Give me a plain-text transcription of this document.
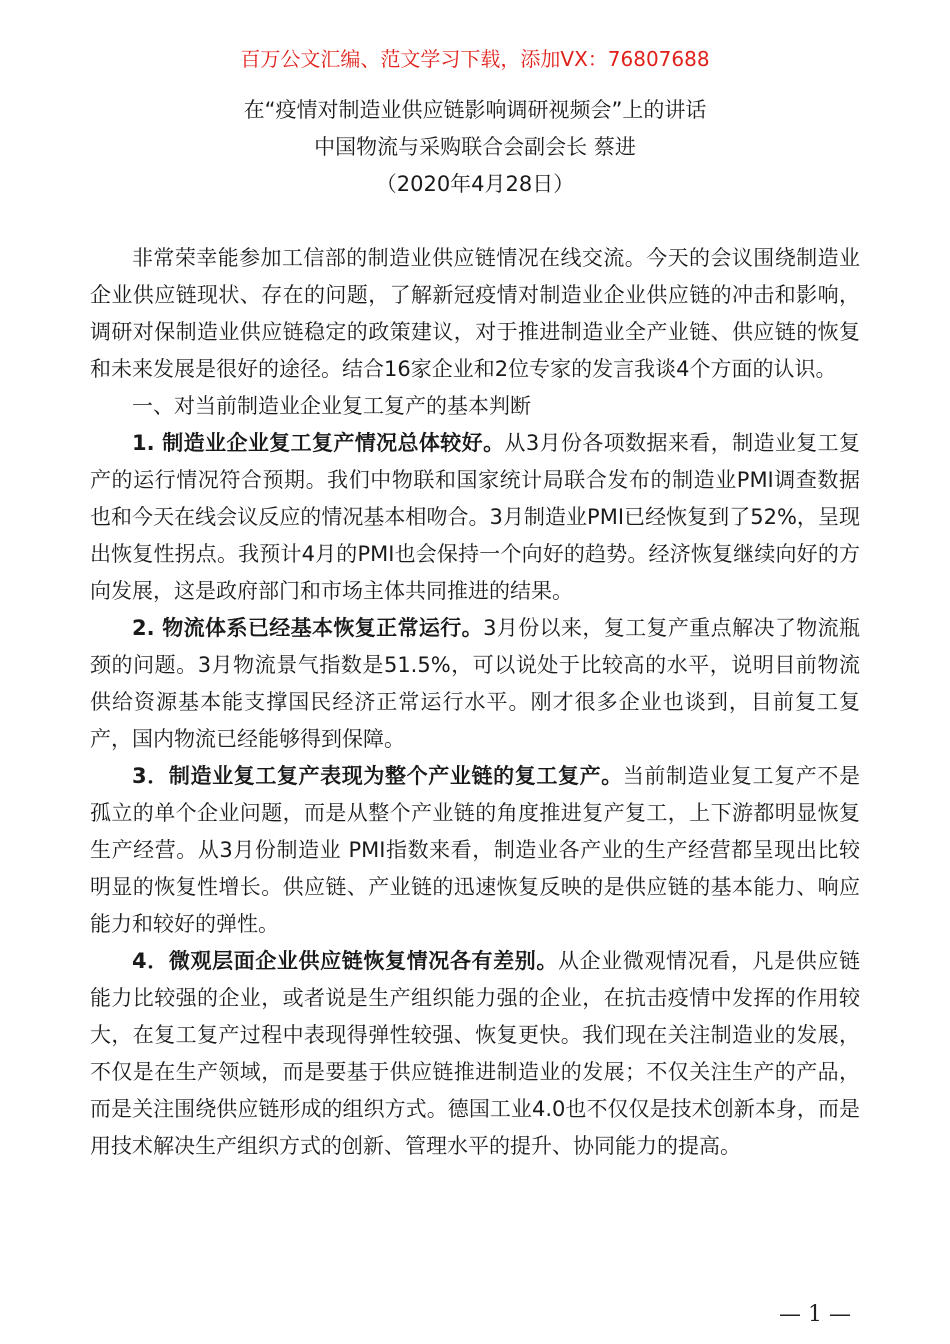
百万公文汇编、范文学习下载，添加VX：76807688
在“疫情对制造业供应链影响调研视频会”上的讲话
中国物流与采购联合会副会长 蔡进
（2020年4月28日）

非常荣幸能参加工信部的制造业供应链情况在线交流。今天的会议围绕制造业企业供应链现状、存在的问题，了解新冠疫情对制造业企业供应链的冲击和影响，调研对保制造业供应链稳定的政策建议，对于推进制造业全产业链、供应链的恢复和未来发展是很好的途径。结合16家企业和2位专家的发言我谈4个方面的认识。

一、对当前制造业企业复工复产的基本判断

1. 制造业企业复工复产情况总体较好。从3月份各项数据来看，制造业复工复产的运行情况符合预期。我们中物联和国家统计局联合发布的制造业PMI调查数据也和今天在线会议反应的情况基本相吻合。3月制造业PMI已经恢复到了52%，呈现出恢复性拐点。我预计4月的PMI也会保持一个向好的趋势。经济恢复继续向好的方向发展，这是政府部门和市场主体共同推进的结果。

2. 物流体系已经基本恢复正常运行。3月份以来，复工复产重点解决了物流瓶颈的问题。3月物流景气指数是51.5%，可以说处于比较高的水平，说明目前物流供给资源基本能支撑国民经济正常运行水平。刚才很多企业也谈到，目前复工复产，国内物流已经能够得到保障。

3．制造业复工复产表现为整个产业链的复工复产。当前制造业复工复产不是孤立的单个企业问题，而是从整个产业链的角度推进复产复工，上下游都明显恢复生产经营。从3月份制造业 PMI指数来看，制造业各产业的生产经营都呈现出比较明显的恢复性增长。供应链、产业链的迅速恢复反映的是供应链的基本能力、响应能力和较好的弹性。

4．微观层面企业供应链恢复情况各有差别。从企业微观情况看，凡是供应链能力比较强的企业，或者说是生产组织能力强的企业，在抗击疫情中发挥的作用较大，在复工复产过程中表现得弹性较强、恢复更快。我们现在关注制造业的发展，不仅是在生产领域，而是要基于供应链推进制造业的发展；不仅关注生产的产品，而是关注围绕供应链形成的组织方式。德国工业4.0也不仅仅是技术创新本身，而是用技术解决生产组织方式的创新、管理水平的提升、协同能力的提高。

— 1 —
